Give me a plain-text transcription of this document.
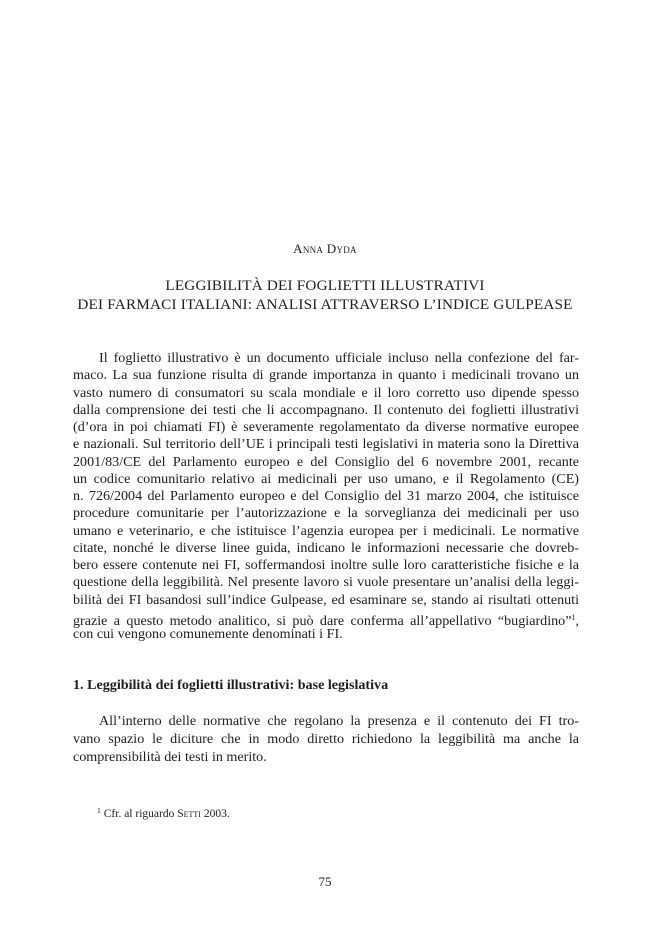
Anna Dyda
LEGGIBILITÀ DEI FOGLIETTI ILLUSTRATIVI
DEI FARMACI ITALIANI: ANALISI ATTRAVERSO L’INDICE GULPEASE
Il foglietto illustrativo è un documento ufficiale incluso nella confezione del far-
maco. La sua funzione risulta di grande importanza in quanto i medicinali trovano un
vasto numero di consumatori su scala mondiale e il loro corretto uso dipende spesso
dalla comprensione dei testi che li accompagnano. Il contenuto dei foglietti illustrativi
(d’ora in poi chiamati FI) è severamente regolamentato da diverse normative europee
e nazionali. Sul territorio dell’UE i principali testi legislativi in materia sono la Direttiva
2001/83/CE del Parlamento europeo e del Consiglio del 6 novembre 2001, recante
un codice comunitario relativo ai medicinali per uso umano, e il Regolamento (CE)
n. 726/2004 del Parlamento europeo e del Consiglio del 31 marzo 2004, che istituisce
procedure comunitarie per l’autorizzazione e la sorveglianza dei medicinali per uso
umano e veterinario, e che istituisce l’agenzia europea per i medicinali. Le normative
citate, nonché le diverse linee guida, indicano le informazioni necessarie che dovreb-
bero essere contenute nei FI, soffermandosi inoltre sulle loro caratteristiche fisiche e la
questione della leggibilità. Nel presente lavoro si vuole presentare un’analisi della leggi-
bilità dei FI basandosi sull’indice Gulpease, ed esaminare se, stando ai risultati ottenuti
grazie a questo metodo analitico, si può dare conferma all’appellativo “bugiardino”$^1$,
con cui vengono comunemente denominati i FI.
1. Leggibilità dei foglietti illustrativi: base legislativa
All’interno delle normative che regolano la presenza e il contenuto dei FI tro-
vano spazio le diciture che in modo diretto richiedono la leggibilità ma anche la
comprensibilità dei testi in merito.
$^1$ Cfr. al riguardo Setti 2003.
75
